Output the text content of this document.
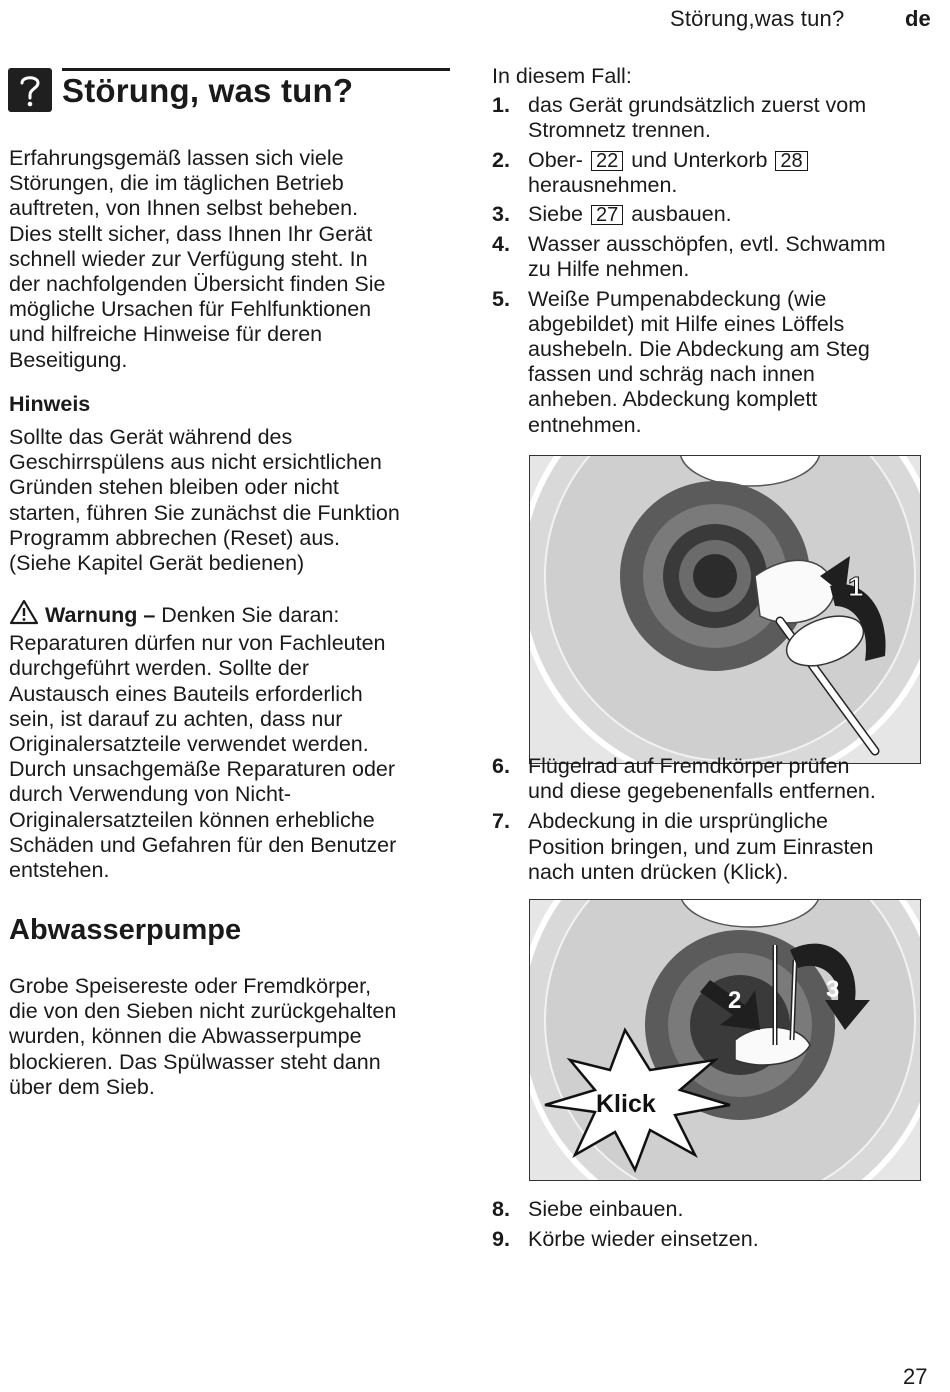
Störung,was tun?	de
Störung, was tun?
Erfahrungsgemäß lassen sich viele
Störungen, die im täglichen Betrieb
auftreten, von Ihnen selbst beheben.
Dies stellt sicher, dass Ihnen Ihr Gerät
schnell wieder zur Verfügung steht. In
der nachfolgenden Übersicht finden Sie
mögliche Ursachen für Fehlfunktionen
und hilfreiche Hinweise für deren
Beseitigung.
Hinweis
Sollte das Gerät während des
Geschirrspülens aus nicht ersichtlichen
Gründen stehen bleiben oder nicht
starten, führen Sie zunächst die Funktion
Programm abbrechen (Reset) aus.
(Siehe Kapitel Gerät bedienen)
Warnung – Denken Sie daran:
Reparaturen dürfen nur von Fachleuten
durchgeführt werden. Sollte der
Austausch eines Bauteils erforderlich
sein, ist darauf zu achten, dass nur
Originalersatzteile verwendet werden.
Durch unsachgemäße Reparaturen oder
durch Verwendung von Nicht-
Originalersatzteilen können erhebliche
Schäden und Gefahren für den Benutzer
entstehen.
Abwasserpumpe
Grobe Speisereste oder Fremdkörper,
die von den Sieben nicht zurückgehalten
wurden, können die Abwasserpumpe
blockieren. Das Spülwasser steht dann
über dem Sieb.
In diesem Fall:
1. das Gerät grundsätzlich zuerst vom
Stromnetz trennen.
2. Ober- 22 und Unterkorb 28
herausnehmen.
3. Siebe 27 ausbauen.
4. Wasser ausschöpfen, evtl. Schwamm
zu Hilfe nehmen.
5. Weiße Pumpenabdeckung (wie
abgebildet) mit Hilfe eines Löffels
aushebeln. Die Abdeckung am Steg
fassen und schräg nach innen
anheben. Abdeckung komplett
entnehmen.
1
6. Flügelrad auf Fremdkörper prüfen
und diese gegebenenfalls entfernen.
7. Abdeckung in die ursprüngliche
Position bringen, und zum Einrasten
nach unten drücken (Klick).
2	3
Klick
8. Siebe einbauen.
9. Körbe wieder einsetzen.
27
